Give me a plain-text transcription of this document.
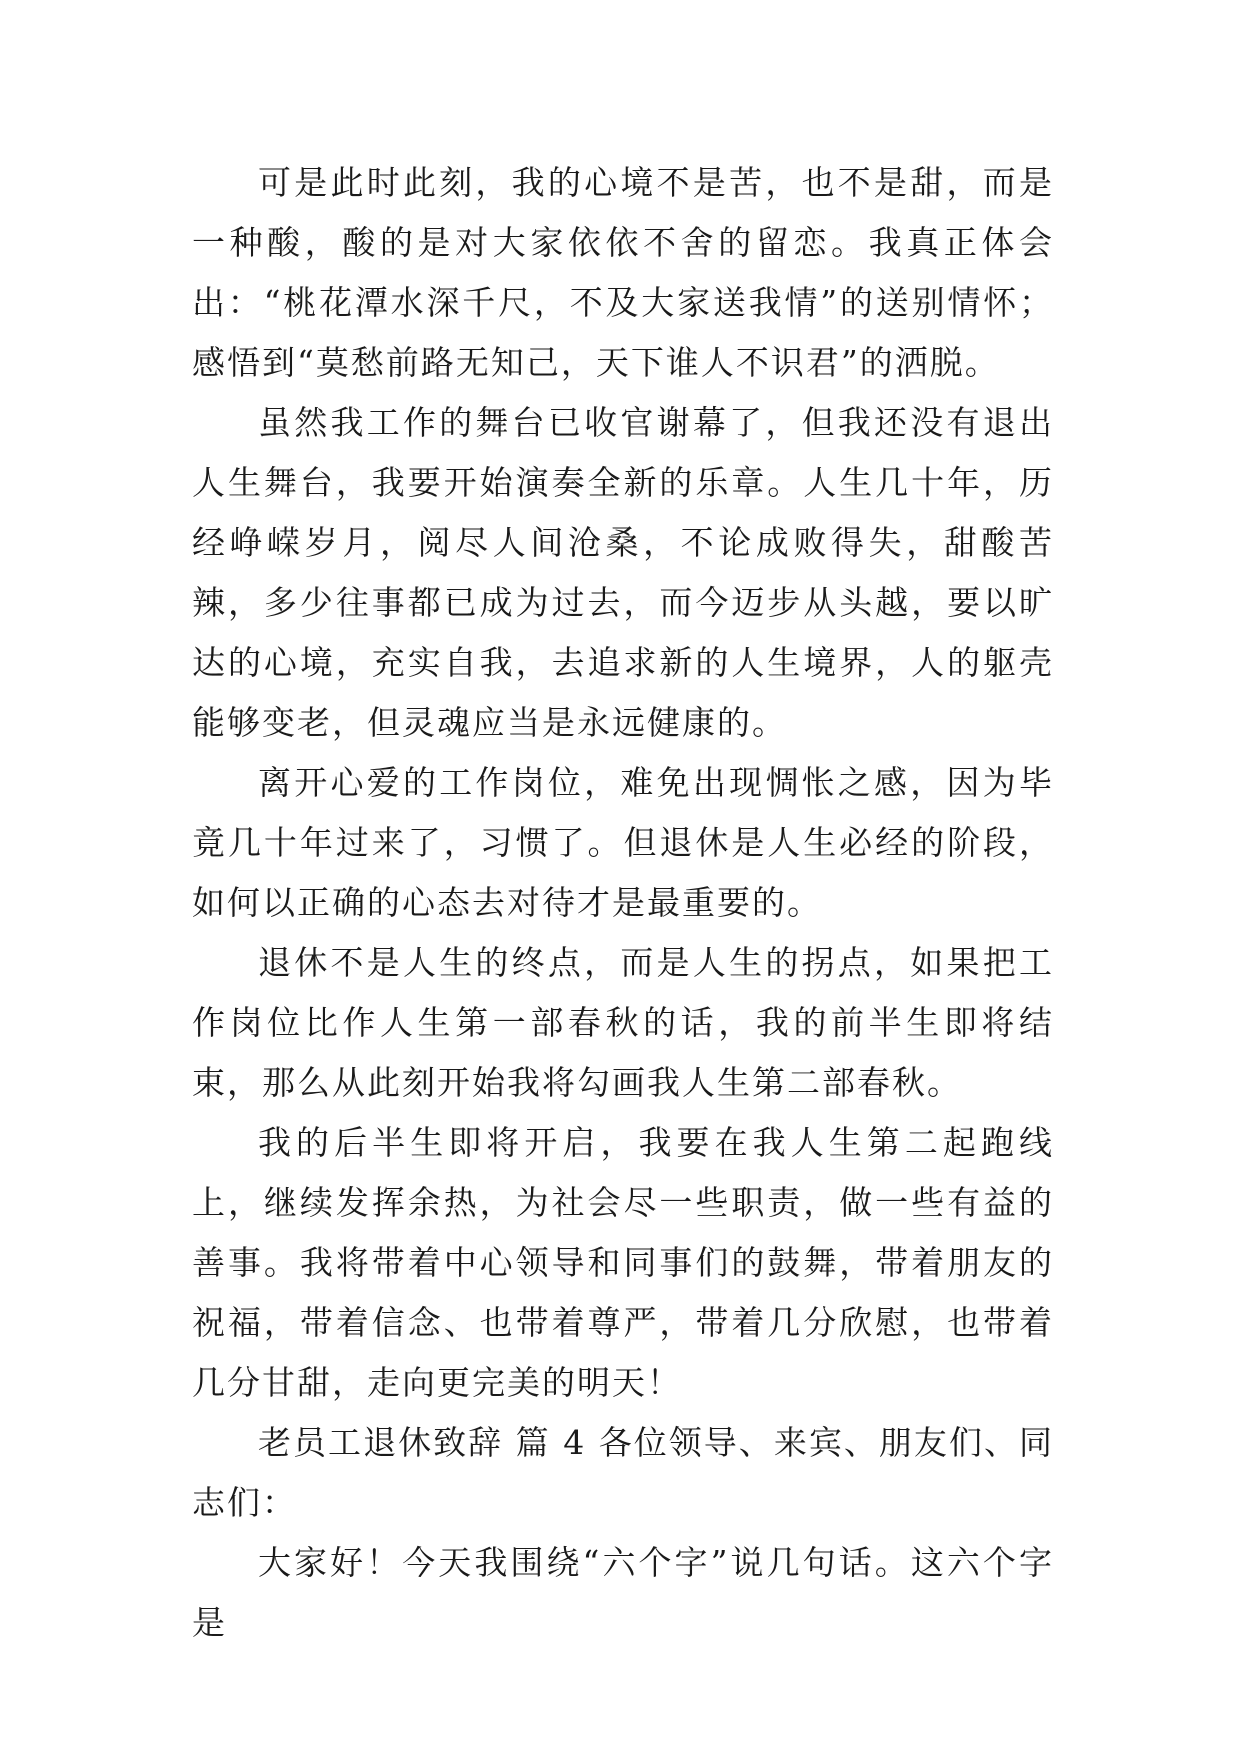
可是此时此刻，我的心境不是苦，也不是甜，而是一种酸，酸的是对大家依依不舍的留恋。我真正体会出：“桃花潭水深千尺，不及大家送我情”的送别情怀；感悟到“莫愁前路无知己，天下谁人不识君”的洒脱。

虽然我工作的舞台已收官谢幕了，但我还没有退出人生舞台，我要开始演奏全新的乐章。人生几十年，历经峥嵘岁月，阅尽人间沧桑，不论成败得失，甜酸苦辣，多少往事都已成为过去，而今迈步从头越，要以旷达的心境，充实自我，去追求新的人生境界，人的躯壳能够变老，但灵魂应当是永远健康的。

离开心爱的工作岗位，难免出现惆怅之感，因为毕竟几十年过来了，习惯了。但退休是人生必经的阶段，如何以正确的心态去对待才是最重要的。

退休不是人生的终点，而是人生的拐点，如果把工作岗位比作人生第一部春秋的话，我的前半生即将结束，那么从此刻开始我将勾画我人生第二部春秋。

我的后半生即将开启，我要在我人生第二起跑线上，继续发挥余热，为社会尽一些职责，做一些有益的善事。我将带着中心领导和同事们的鼓舞，带着朋友的祝福，带着信念、也带着尊严，带着几分欣慰，也带着几分甘甜，走向更完美的明天！

老员工退休致辞 篇 4 各位领导、来宾、朋友们、同志们：

大家好！今天我围绕“六个字”说几句话。这六个字是
